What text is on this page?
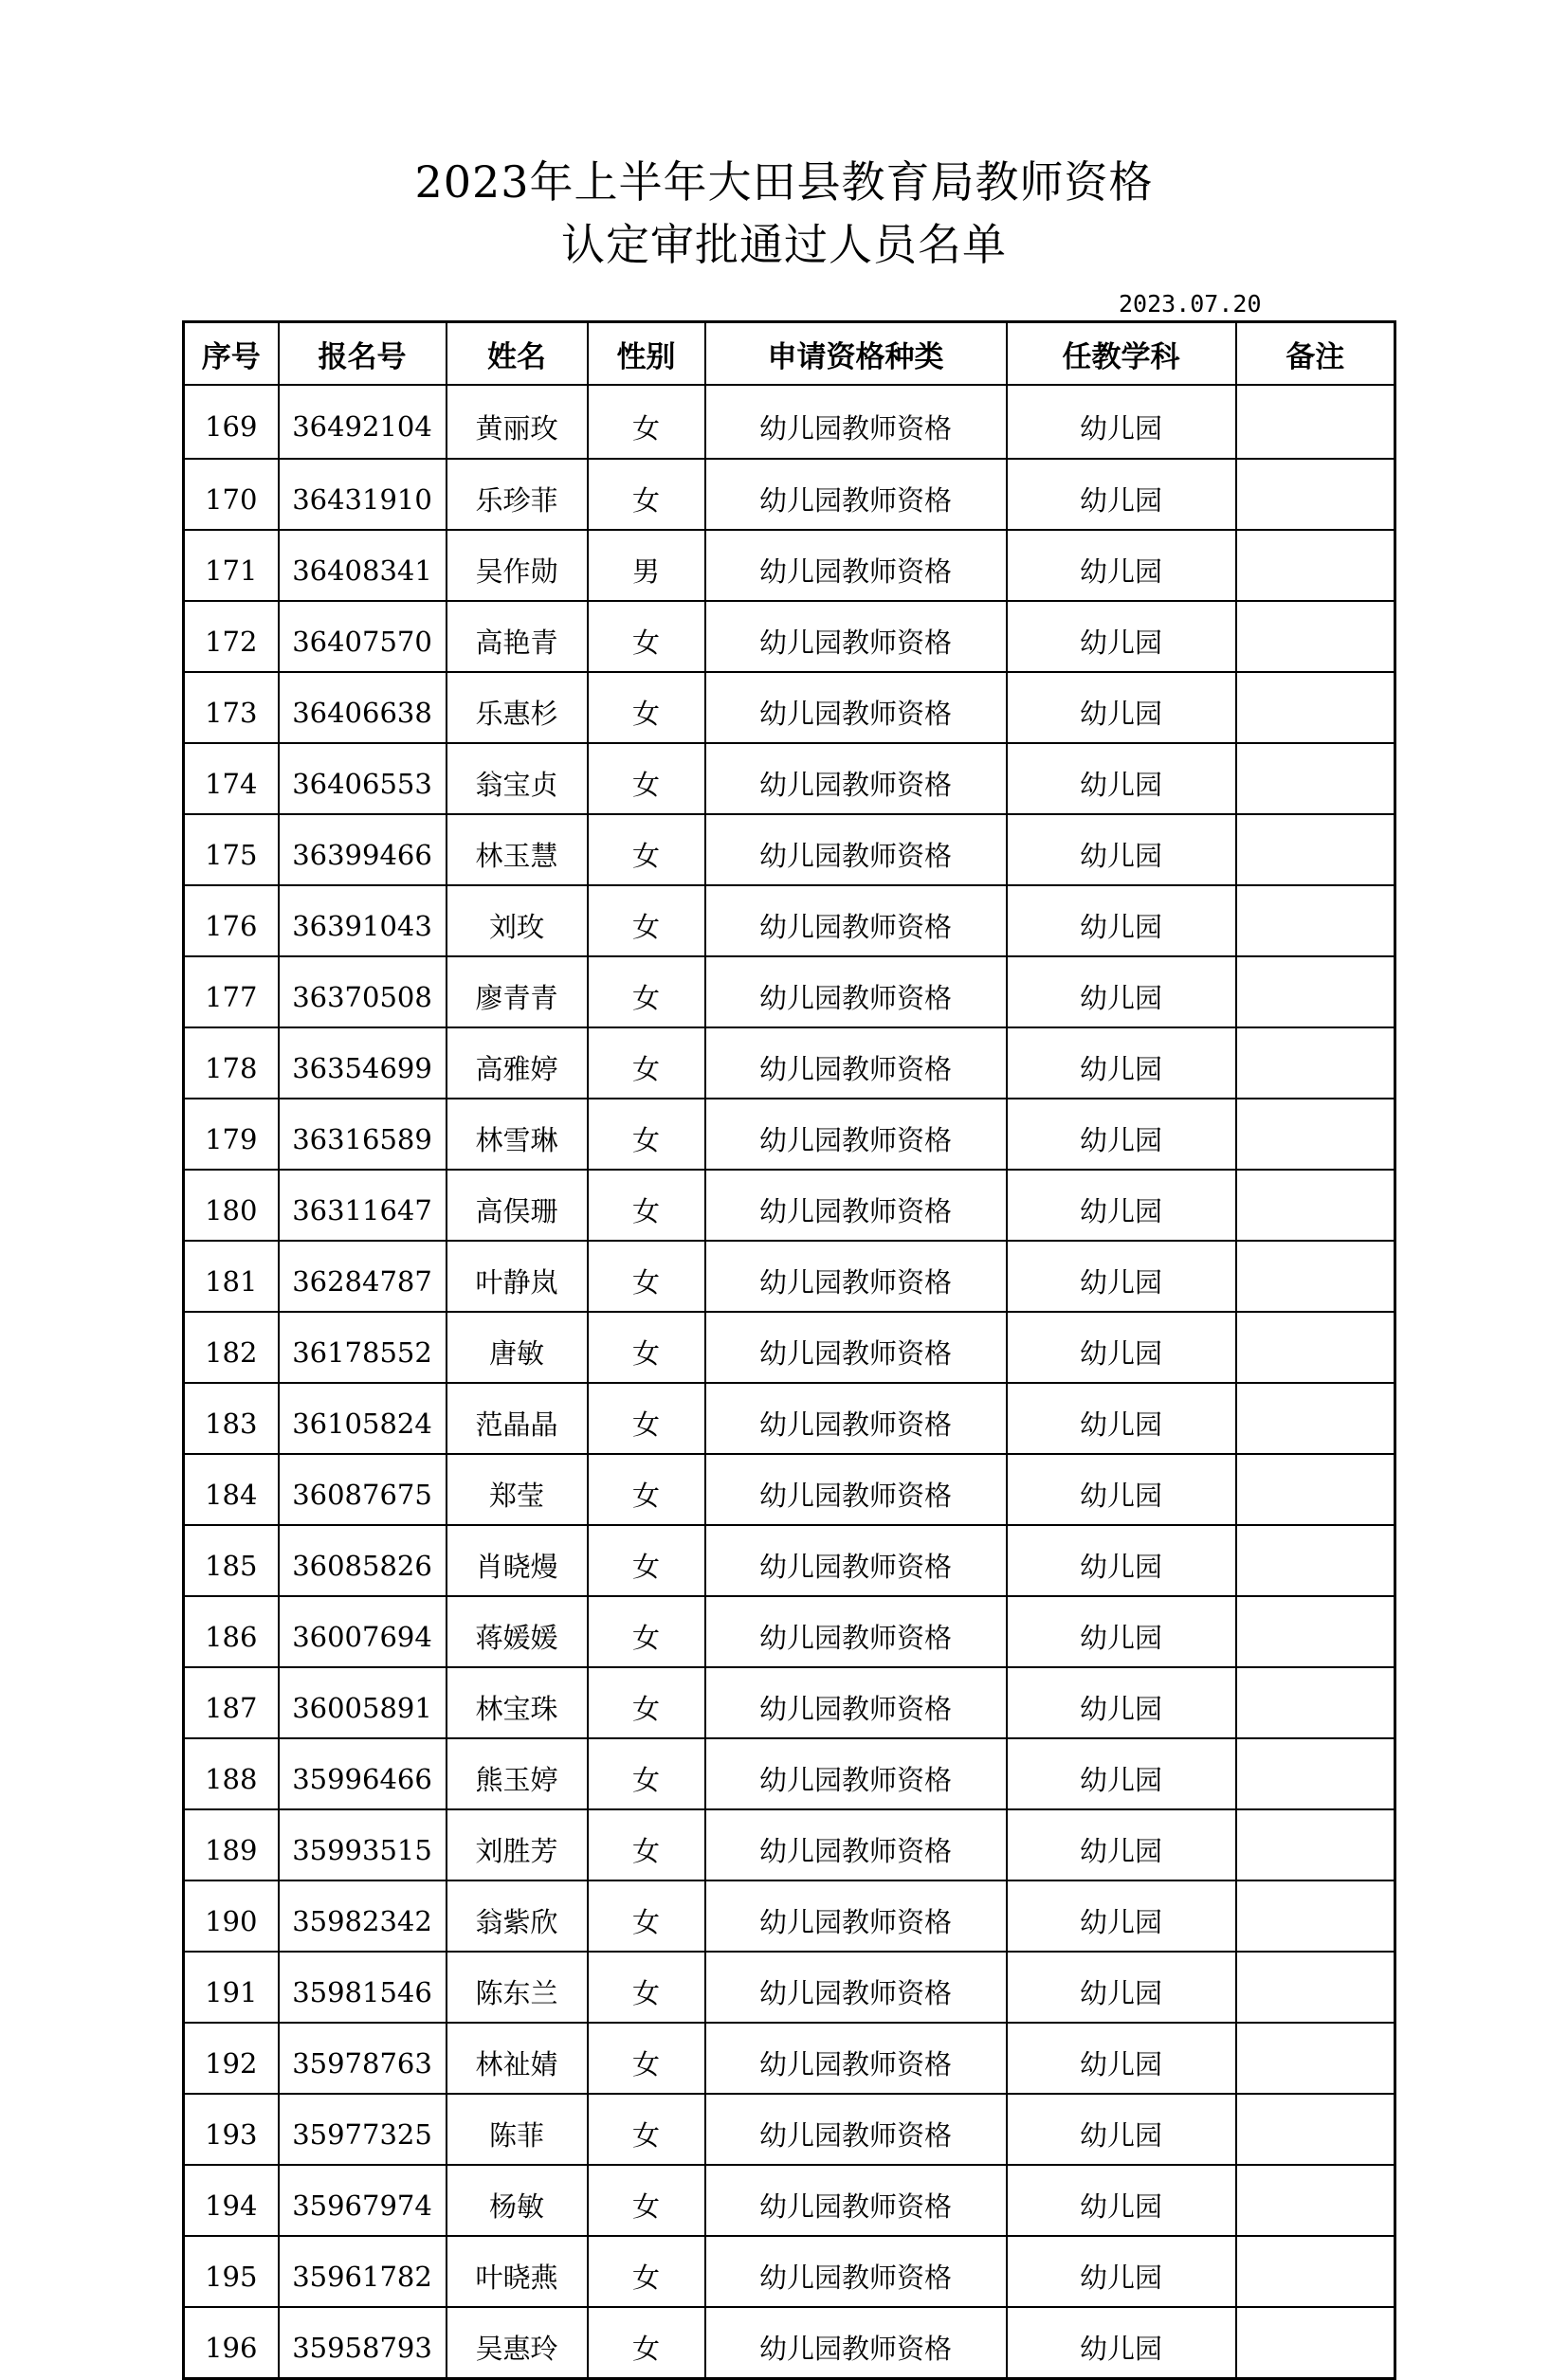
2023年上半年大田县教育局教师资格
认定审批通过人员名单
2023.07.20
序号	报名号	姓名	性别	申请资格种类	任教学科	备注
169	36492104	黄丽玫	女	幼儿园教师资格	幼儿园	
170	36431910	乐珍菲	女	幼儿园教师资格	幼儿园	
171	36408341	吴作勋	男	幼儿园教师资格	幼儿园	
172	36407570	高艳青	女	幼儿园教师资格	幼儿园	
173	36406638	乐惠杉	女	幼儿园教师资格	幼儿园	
174	36406553	翁宝贞	女	幼儿园教师资格	幼儿园	
175	36399466	林玉慧	女	幼儿园教师资格	幼儿园	
176	36391043	刘玫	女	幼儿园教师资格	幼儿园	
177	36370508	廖青青	女	幼儿园教师资格	幼儿园	
178	36354699	高雅婷	女	幼儿园教师资格	幼儿园	
179	36316589	林雪琳	女	幼儿园教师资格	幼儿园	
180	36311647	高俣珊	女	幼儿园教师资格	幼儿园	
181	36284787	叶静岚	女	幼儿园教师资格	幼儿园	
182	36178552	唐敏	女	幼儿园教师资格	幼儿园	
183	36105824	范晶晶	女	幼儿园教师资格	幼儿园	
184	36087675	郑莹	女	幼儿园教师资格	幼儿园	
185	36085826	肖晓熳	女	幼儿园教师资格	幼儿园	
186	36007694	蒋媛媛	女	幼儿园教师资格	幼儿园	
187	36005891	林宝珠	女	幼儿园教师资格	幼儿园	
188	35996466	熊玉婷	女	幼儿园教师资格	幼儿园	
189	35993515	刘胜芳	女	幼儿园教师资格	幼儿园	
190	35982342	翁紫欣	女	幼儿园教师资格	幼儿园	
191	35981546	陈东兰	女	幼儿园教师资格	幼儿园	
192	35978763	林祉婧	女	幼儿园教师资格	幼儿园	
193	35977325	陈菲	女	幼儿园教师资格	幼儿园	
194	35967974	杨敏	女	幼儿园教师资格	幼儿园	
195	35961782	叶晓燕	女	幼儿园教师资格	幼儿园	
196	35958793	吴惠玲	女	幼儿园教师资格	幼儿园	
